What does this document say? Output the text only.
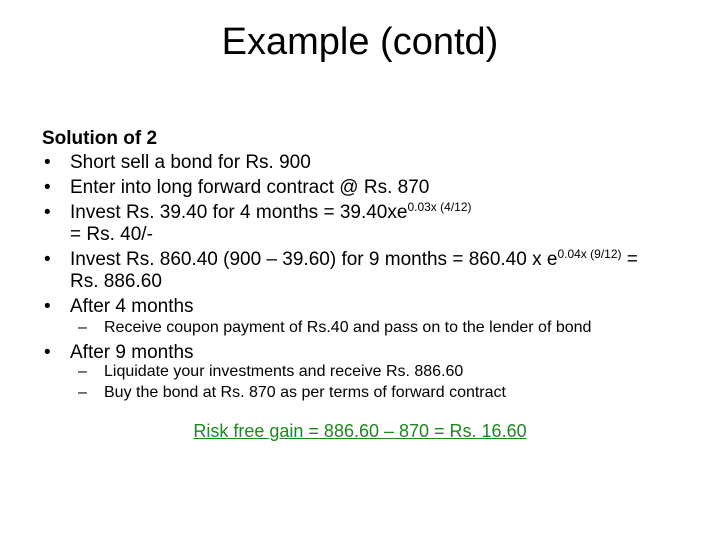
Example (contd)
Solution of 2
• Short sell a bond for Rs. 900
• Enter into long forward contract @ Rs. 870
• Invest Rs. 39.40 for 4 months = $39.40xe^{0.03x (4/12)}$
= Rs. 40/-
• Invest Rs. 860.40 (900 – 39.60) for 9 months = 860.40 x $e^{0.04x (9/12)}$ =
Rs. 886.60
• After 4 months
– Receive coupon payment of Rs.40 and pass on to the lender of bond
• After 9 months
– Liquidate your investments and receive Rs. 886.60
– Buy the bond at Rs. 870 as per terms of forward contract
Risk free gain = 886.60 – 870 = Rs. 16.60
